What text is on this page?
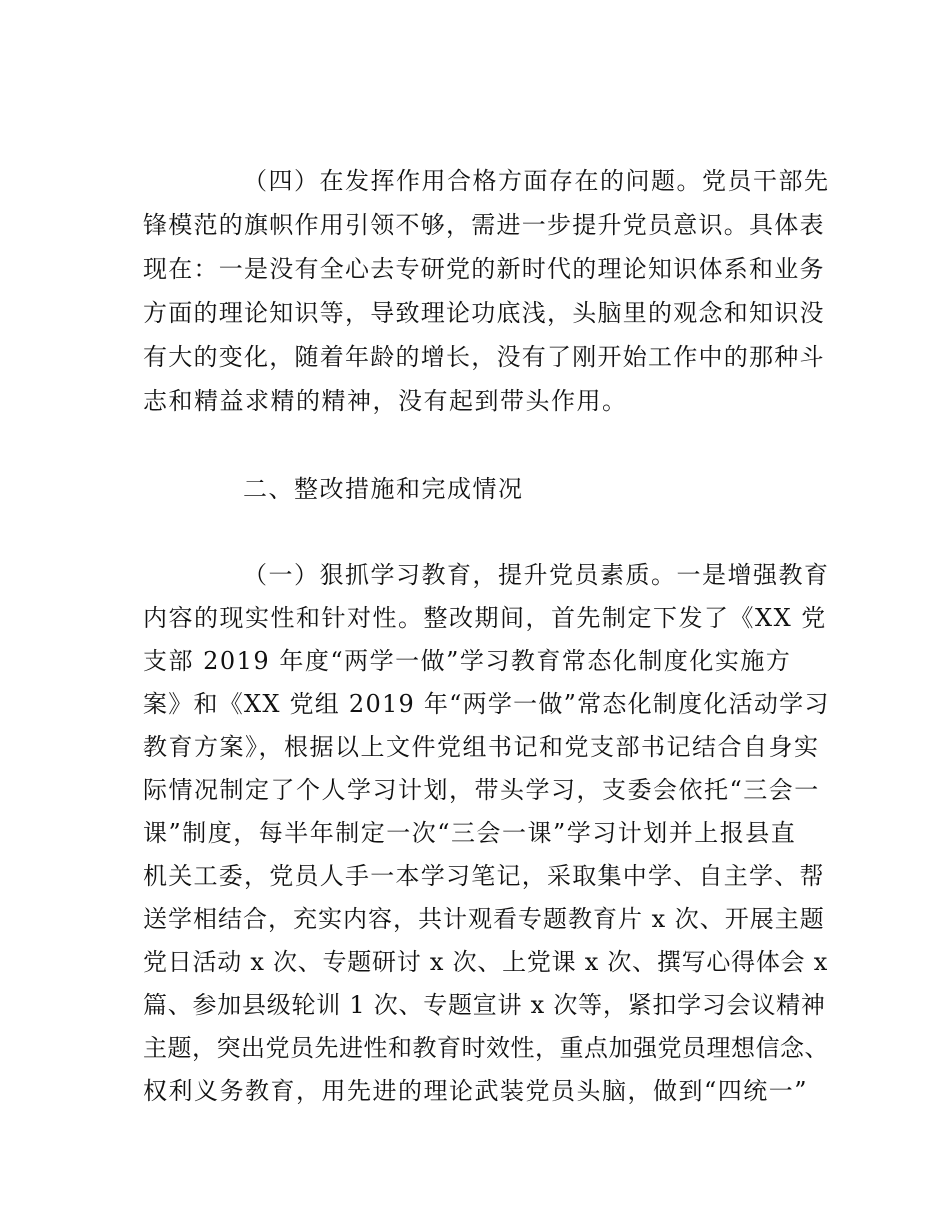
（四）在发挥作用合格方面存在的问题。党员干部先
锋模范的旗帜作用引领不够，需进一步提升党员意识。具体表
现在：一是没有全心去专研党的新时代的理论知识体系和业务
方面的理论知识等，导致理论功底浅，头脑里的观念和知识没
有大的变化，随着年龄的增长，没有了刚开始工作中的那种斗
志和精益求精的精神，没有起到带头作用。
二、整改措施和完成情况
（一）狠抓学习教育，提升党员素质。一是增强教育
内容的现实性和针对性。整改期间，首先制定下发了《XX 党
支部 2019 年度“两学一做”学习教育常态化制度化实施方
案》和《XX 党组 2019 年“两学一做”常态化制度化活动学习
教育方案》，根据以上文件党组书记和党支部书记结合自身实
际情况制定了个人学习计划，带头学习，支委会依托“三会一
课”制度，每半年制定一次“三会一课”学习计划并上报县直
机关工委，党员人手一本学习笔记，采取集中学、自主学、帮
送学相结合，充实内容，共计观看专题教育片 x 次、开展主题
党日活动 x 次、专题研讨 x 次、上党课 x 次、撰写心得体会 x
篇、参加县级轮训 1 次、专题宣讲 x 次等，紧扣学习会议精神
主题，突出党员先进性和教育时效性，重点加强党员理想信念、
权利义务教育，用先进的理论武装党员头脑，做到“四统一”
